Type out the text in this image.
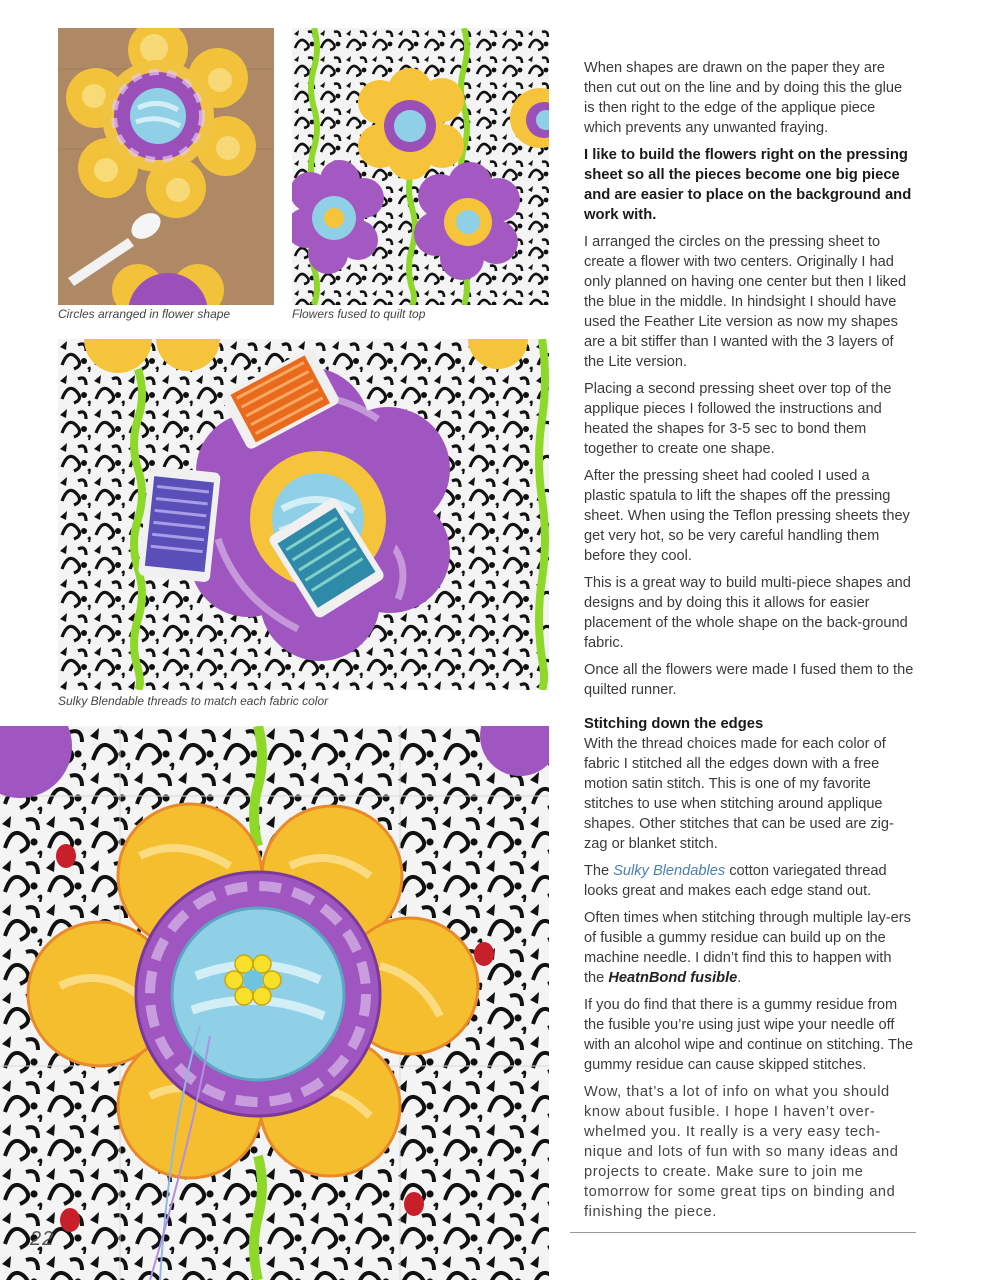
Circles arranged in flower shape	Flowers fused to quilt top
Sulky Blendable threads to match each fabric color
22

When shapes are drawn on the paper they are then cut out on the line and by doing this the glue is then right to the edge of the applique piece which prevents any unwanted fraying.

I like to build the flowers right on the pressing sheet so all the pieces become one big piece and are easier to place on the background and work with.

I arranged the circles on the pressing sheet to create a flower with two centers. Originally I had only planned on having one center but then I liked the blue in the middle. In hindsight I should have used the Feather Lite version as now my shapes are a bit stiffer than I wanted with the 3 layers of the Lite version.

Placing a second pressing sheet over top of the applique pieces I followed the instructions and heated the shapes for 3-5 sec to bond them together to create one shape.

After the pressing sheet had cooled I used a plastic spatula to lift the shapes off the pressing sheet. When using the Teflon pressing sheets they get very hot, so be very careful handling them before they cool.

This is a great way to build multi-piece shapes and designs and by doing this it allows for easier placement of the whole shape on the back-ground fabric.

Once all the flowers were made I fused them to the quilted runner.

Stitching down the edges

With the thread choices made for each color of fabric I stitched all the edges down with a free motion satin stitch. This is one of my favorite stitches to use when stitching around applique shapes. Other stitches that can be used are zig-zag or blanket stitch.

The Sulky Blendables cotton variegated thread looks great and makes each edge stand out.

Often times when stitching through multiple lay-ers of fusible a gummy residue can build up on the machine needle. I didn’t find this to happen with the HeatnBond fusible.

If you do find that there is a gummy residue from the fusible you’re using just wipe your needle off with an alcohol wipe and continue on stitching. The gummy residue can cause skipped stitches.

Wow, that’s a lot of info on what you should know about fusible. I hope I haven’t over-whelmed you. It really is a very easy tech-nique and lots of fun with so many ideas and projects to create. Make sure to join me tomorrow for some great tips on binding and finishing the piece.
